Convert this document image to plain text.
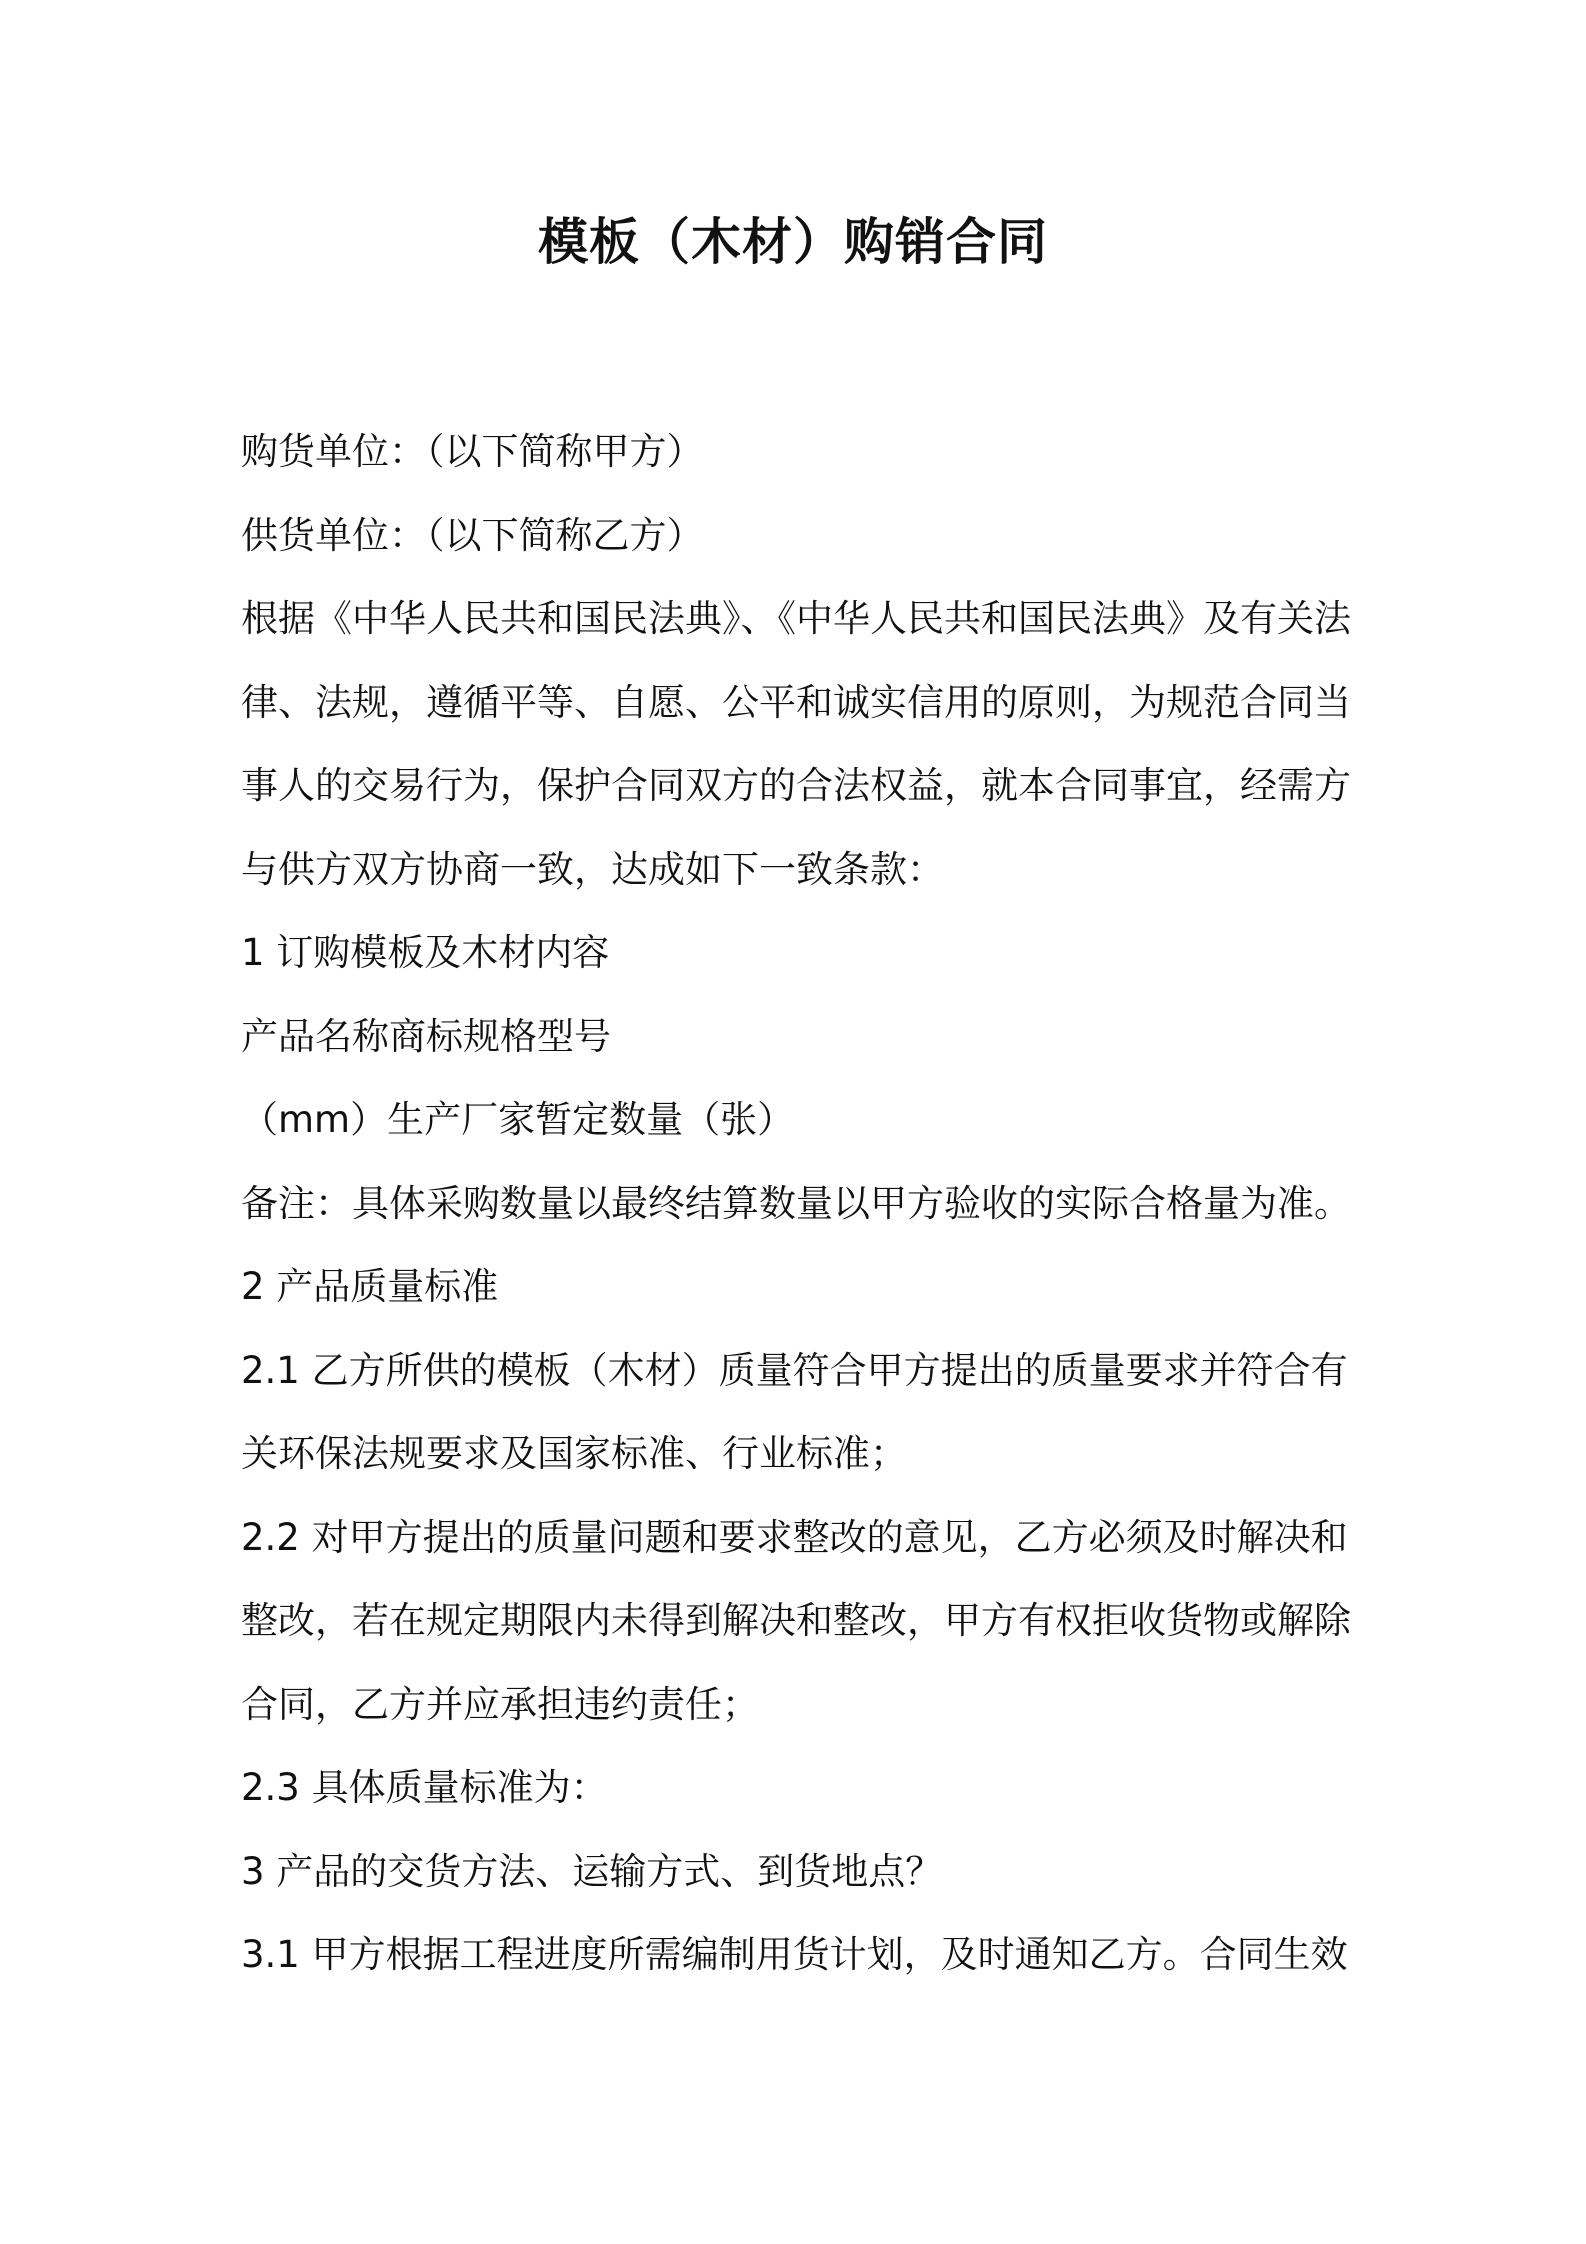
模板（木材）购销合同
购货单位：（以下简称甲方）
供货单位：（以下简称乙方）
根据《中华人民共和国民法典》、《中华人民共和国民法典》及有关法
律、法规，遵循平等、自愿、公平和诚实信用的原则，为规范合同当
事人的交易行为，保护合同双方的合法权益，就本合同事宜，经需方
与供方双方协商一致，达成如下一致条款：
1 订购模板及木材内容
产品名称商标规格型号
（mm）生产厂家暂定数量（张）
备注：具体采购数量以最终结算数量以甲方验收的实际合格量为准。
2 产品质量标准
2.1 乙方所供的模板（木材）质量符合甲方提出的质量要求并符合有
关环保法规要求及国家标准、行业标准；
2.2 对甲方提出的质量问题和要求整改的意见，乙方必须及时解决和
整改，若在规定期限内未得到解决和整改，甲方有权拒收货物或解除
合同，乙方并应承担违约责任；
2.3 具体质量标准为：
3 产品的交货方法、运输方式、到货地点？
3.1 甲方根据工程进度所需编制用货计划，及时通知乙方。合同生效
